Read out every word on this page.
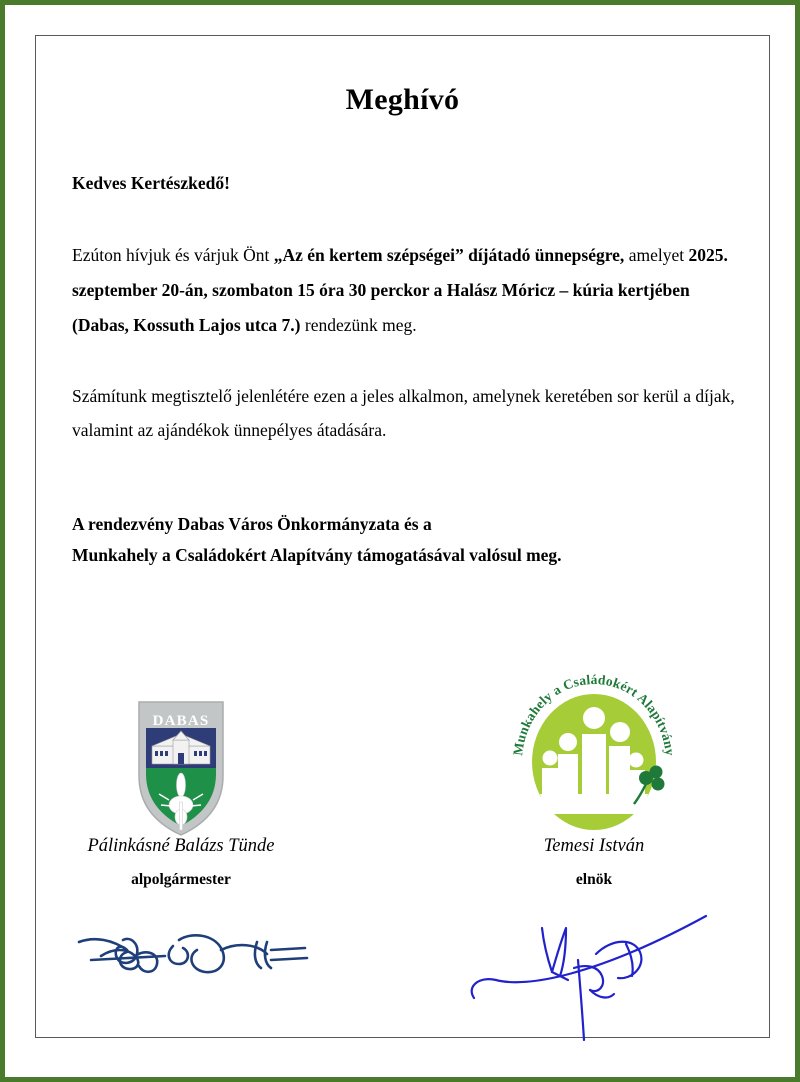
Meghívó

Kedves Kertészkedő!

Ezúton hívjuk és várjuk Önt „Az én kertem szépségei” díjátadó ünnepségre, amelyet 2025. szeptember 20-án, szombaton 15 óra 30 perckor a Halász Móricz – kúria kertjében (Dabas, Kossuth Lajos utca 7.) rendezünk meg.

Számítunk megtisztelő jelenlétére ezen a jeles alkalmon, amelynek keretében sor kerül a díjak, valamint az ajándékok ünnepélyes átadására.

A rendezvény Dabas Város Önkormányzata és a
Munkahely a Családokért Alapítvány támogatásával valósul meg.

DABAS
Munkahely a Családokért Alapítvány
Pálinkásné Balázs Tünde
alpolgármester
Temesi István
elnök
